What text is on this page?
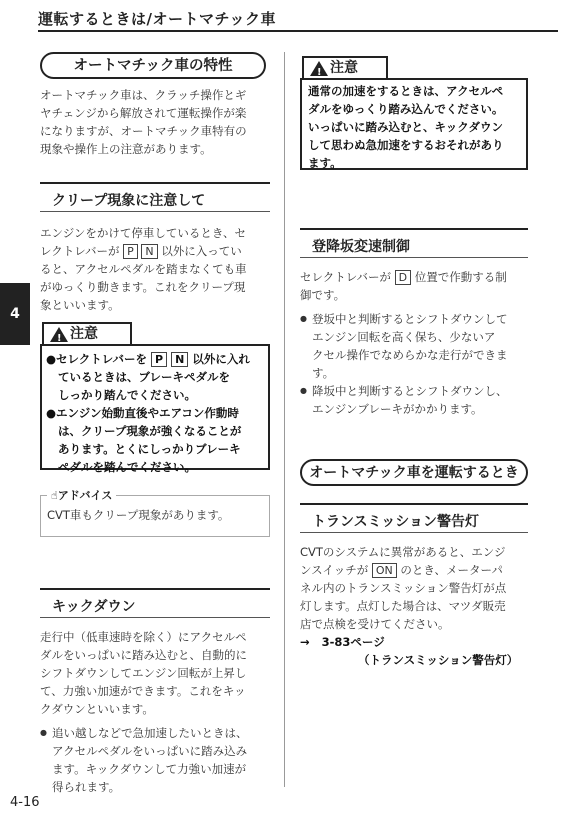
運転するときは/オートマチック車
4
オートマチック車の特性
オートマチック車は、クラッチ操作とギ
ヤチェンジから解放されて運転操作が楽
になりますが、オートマチック車特有の
現象や操作上の注意があります。
クリープ現象に注意して
エンジンをかけて停車しているとき、セ
レクトレバーが P N 以外に入ってい
ると、アクセルペダルを踏まなくても車
がゆっくり動きます。これをクリープ現
象といいます。
!
注意
●セレクトレバーを P N 以外に入れ
ているときは、ブレーキペダルを
しっかり踏んでください。
●エンジン始動直後やエアコン作動時
は、クリープ現象が強くなることが
あります。とくにしっかりブレーキ
ペダルを踏んでください。
☝アドバイス
CVT車もクリープ現象があります。
キックダウン
走行中（低車速時を除く）にアクセルペ
ダルをいっぱいに踏み込むと、自動的に
シフトダウンしてエンジン回転が上昇し
て、力強い加速ができます。これをキッ
クダウンといいます。
● 追い越しなどで急加速したいときは、
アクセルペダルをいっぱいに踏み込み
ます。キックダウンして力強い加速が
得られます。
4-16
!
注意
通常の加速をするときは、アクセルペ
ダルをゆっくり踏み込んでください。
いっぱいに踏み込むと、キックダウン
して思わぬ急加速をするおそれがあり
ます。
登降坂変速制御
セレクトレバーが D 位置で作動する制
御です。
● 登坂中と判断するとシフトダウンして
エンジン回転を高く保ち、少ないア
クセル操作でなめらかな走行ができま
す。
● 降坂中と判断するとシフトダウンし、
エンジンブレーキがかかります。
オートマチック車を運転するとき
トランスミッション警告灯
CVTのシステムに異常があると、エンジ
ンスイッチが ON のとき、メーターパ
ネル内のトランスミッション警告灯が点
灯します。点灯した場合は、マツダ販売
店で点検を受けてください。
→ 3-83ページ
（トランスミッション警告灯）
